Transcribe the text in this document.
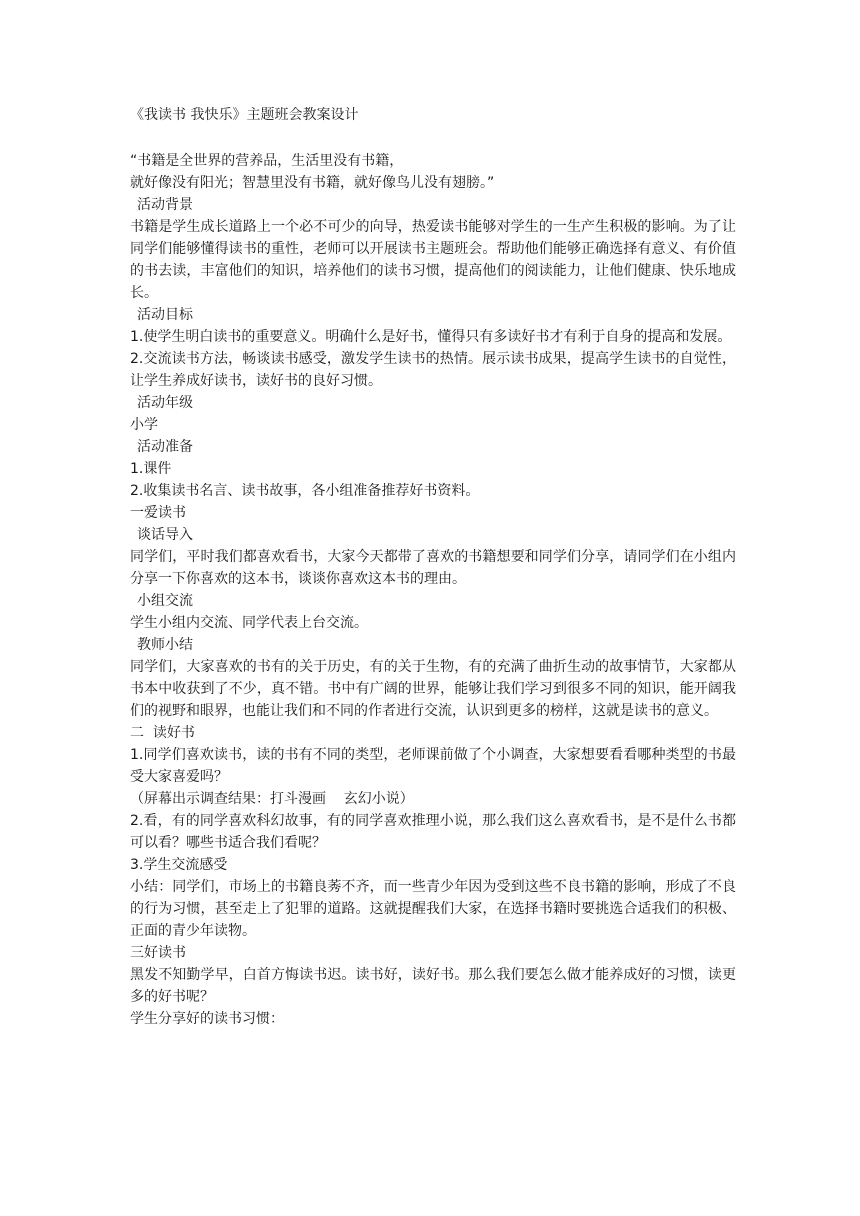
《我读书 我快乐》主题班会教案设计
“书籍是全世界的营养品，生活里没有书籍，
就好像没有阳光；智慧里没有书籍，就好像鸟儿没有翅膀。”
活动背景
书籍是学生成长道路上一个必不可少的向导，热爱读书能够对学生的一生产生积极的影响。为了让同学们能够懂得读书的重性，老师可以开展读书主题班会。帮助他们能够正确选择有意义、有价值的书去读，丰富他们的知识，培养他们的读书习惯，提高他们的阅读能力，让他们健康、快乐地成长。
活动目标
1.使学生明白读书的重要意义。明确什么是好书，懂得只有多读好书才有利于自身的提高和发展。
2.交流读书方法，畅谈读书感受，激发学生读书的热情。展示读书成果，提高学生读书的自觉性，让学生养成好读书，读好书的良好习惯。
活动年级
小学
活动准备
1.课件
2.收集读书名言、读书故事，各小组准备推荐好书资料。
一爱读书
谈话导入
同学们，平时我们都喜欢看书，大家今天都带了喜欢的书籍想要和同学们分享，请同学们在小组内分享一下你喜欢的这本书，谈谈你喜欢这本书的理由。
小组交流
学生小组内交流、同学代表上台交流。
教师小结
同学们，大家喜欢的书有的关于历史，有的关于生物，有的充满了曲折生动的故事情节，大家都从书本中收获到了不少，真不错。书中有广阔的世界，能够让我们学习到很多不同的知识，能开阔我们的视野和眼界，也能让我们和不同的作者进行交流，认识到更多的榜样，这就是读书的意义。
二  读好书
1.同学们喜欢读书，读的书有不同的类型，老师课前做了个小调查，大家想要看看哪种类型的书最受大家喜爱吗？
（屏幕出示调查结果：打斗漫画    玄幻小说）
2.看，有的同学喜欢科幻故事，有的同学喜欢推理小说，那么我们这么喜欢看书，是不是什么书都可以看？哪些书适合我们看呢？
3.学生交流感受
小结：同学们，市场上的书籍良莠不齐，而一些青少年因为受到这些不良书籍的影响，形成了不良的行为习惯，甚至走上了犯罪的道路。这就提醒我们大家，在选择书籍时要挑选合适我们的积极、正面的青少年读物。
三好读书
黑发不知勤学早，白首方悔读书迟。读书好，读好书。那么我们要怎么做才能养成好的习惯，读更多的好书呢？
学生分享好的读书习惯：
